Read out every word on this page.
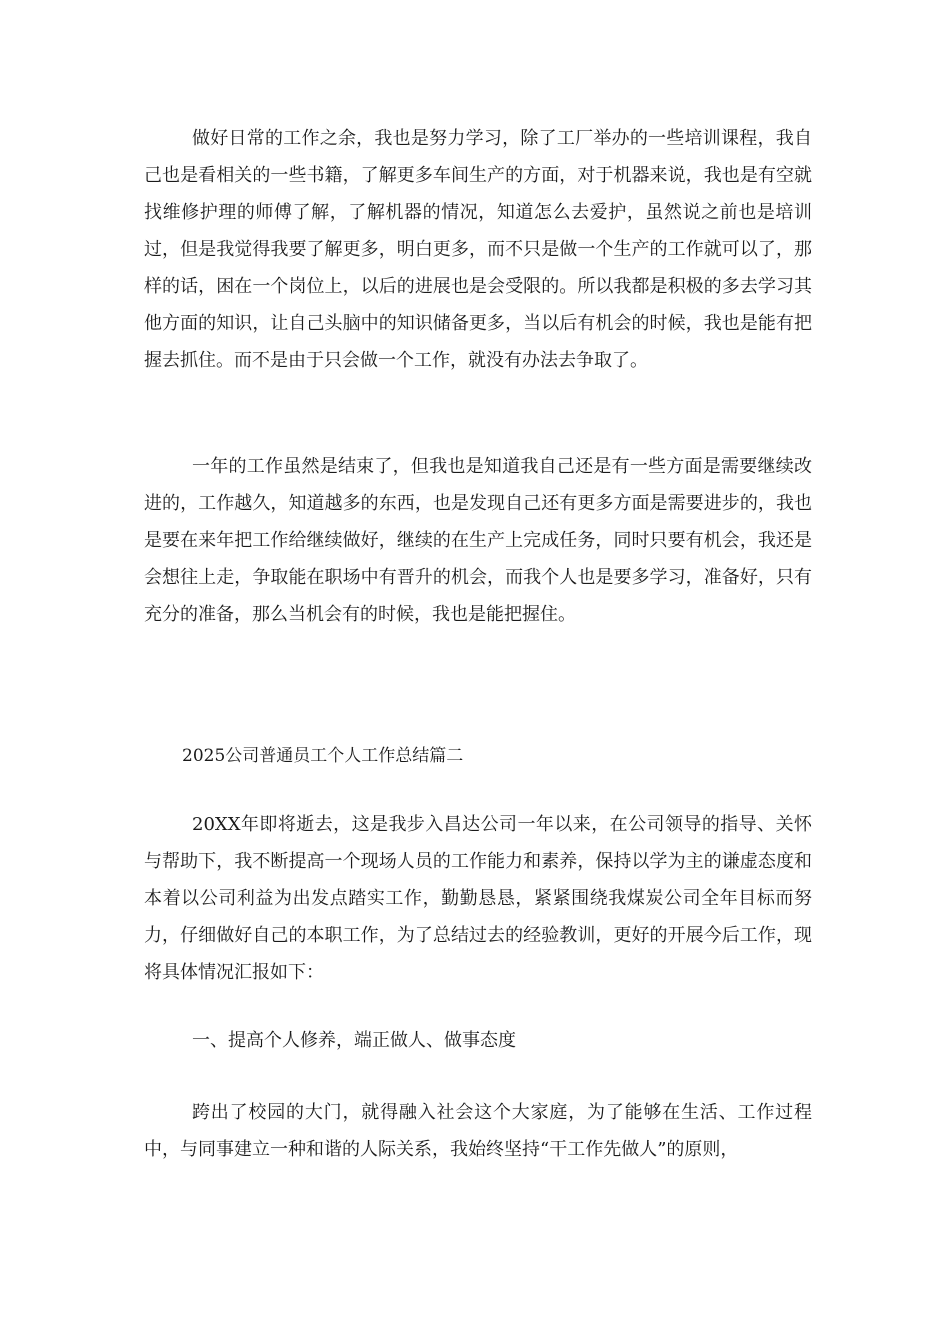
做好日常的工作之余，我也是努力学习，除了工厂举办的一些培训课程，我自己也是看相关的一些书籍，了解更多车间生产的方面，对于机器来说，我也是有空就找维修护理的师傅了解，了解机器的情况，知道怎么去爱护，虽然说之前也是培训过，但是我觉得我要了解更多，明白更多，而不只是做一个生产的工作就可以了，那样的话，困在一个岗位上，以后的进展也是会受限的。所以我都是积极的多去学习其他方面的知识，让自己头脑中的知识储备更多，当以后有机会的时候，我也是能有把握去抓住。而不是由于只会做一个工作，就没有办法去争取了。

一年的工作虽然是结束了，但我也是知道我自己还是有一些方面是需要继续改进的，工作越久，知道越多的东西，也是发现自己还有更多方面是需要进步的，我也是要在来年把工作给继续做好，继续的在生产上完成任务，同时只要有机会，我还是会想往上走，争取能在职场中有晋升的机会，而我个人也是要多学习，准备好，只有充分的准备，那么当机会有的时候，我也是能把握住。

2025公司普通员工个人工作总结篇二

20XX年即将逝去，这是我步入昌达公司一年以来，在公司领导的指导、关怀与帮助下，我不断提高一个现场人员的工作能力和素养，保持以学为主的谦虚态度和本着以公司利益为出发点踏实工作，勤勤恳恳，紧紧围绕我煤炭公司全年目标而努力，仔细做好自己的本职工作，为了总结过去的经验教训，更好的开展今后工作，现将具体情况汇报如下：

一、提高个人修养，端正做人、做事态度

跨出了校园的大门，就得融入社会这个大家庭，为了能够在生活、工作过程中，与同事建立一种和谐的人际关系，我始终坚持“干工作先做人”的原则，
